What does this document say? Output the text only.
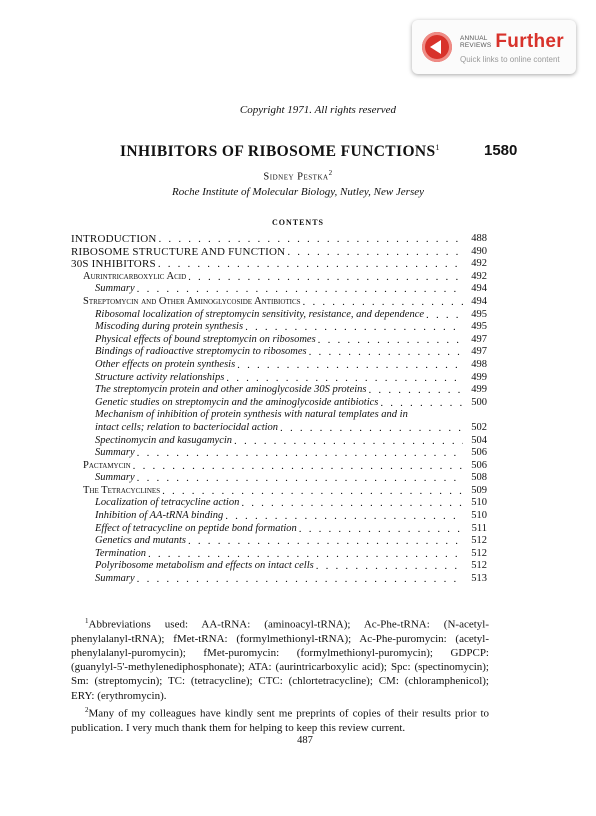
ANNUAL
REVIEWS Further
Quick links to online content
Copyright 1971. All rights reserved
INHIBITORS OF RIBOSOME FUNCTIONS$^1$	1580
Sidney Pestka$^2$
Roche Institute of Molecular Biology, Nutley, New Jersey
CONTENTS
INTRODUCTION . . .	488
RIBOSOME STRUCTURE AND FUNCTION . . .	490
30S INHIBITORS . . .	492
Aurintricarboxylic Acid . . .	492
Summary . . .	494
Streptomycin and Other Aminoglycoside Antibiotics . . .	494
Ribosomal localization of streptomycin sensitivity, resistance, and dependence . . .	495
Miscoding during protein synthesis . . .	495
Physical effects of bound streptomycin on ribosomes . . .	497
Bindings of radioactive streptomycin to ribosomes . . .	497
Other effects on protein synthesis . . .	498
Structure activity relationships . . .	499
The streptomycin protein and other aminoglycoside 30S proteins . . .	499
Genetic studies on streptomycin and the aminoglycoside antibiotics . . .	500
Mechanism of inhibition of protein synthesis with natural templates and in
intact cells; relation to bacteriocidal action . . .	502
Spectinomycin and kasugamycin . . .	504
Summary . . .	506
Pactamycin . . .	506
Summary . . .	508
The Tetracyclines . . .	509
Localization of tetracycline action . . .	510
Inhibition of AA-tRNA binding . . .	510
Effect of tetracycline on peptide bond formation . . .	511
Genetics and mutants . . .	512
Termination . . .	512
Polyribosome metabolism and effects on intact cells . . .	512
Summary . . .	513

$^1$Abbreviations used: AA-tRNA: (aminoacyl-tRNA); Ac-Phe-tRNA: (N-acetyl-phenylalanyl-tRNA); fMet-tRNA: (formylmethionyl-tRNA); Ac-Phe-puromycin: (acetyl-phenylalanyl-puromycin); fMet-puromycin: (formylmethionyl-puromycin); GDPCP: (guanylyl-5'-methylenediphosphonate); ATA: (aurintricarboxylic acid); Spc: (spectinomycin); Sm: (streptomycin); TC: (tetracycline); CTC: (chlortetracycline); CM: (chloramphenicol); ERY: (erythromycin).

$^2$Many of my colleagues have kindly sent me preprints of copies of their results prior to publication. I very much thank them for helping to keep this review current.

487
